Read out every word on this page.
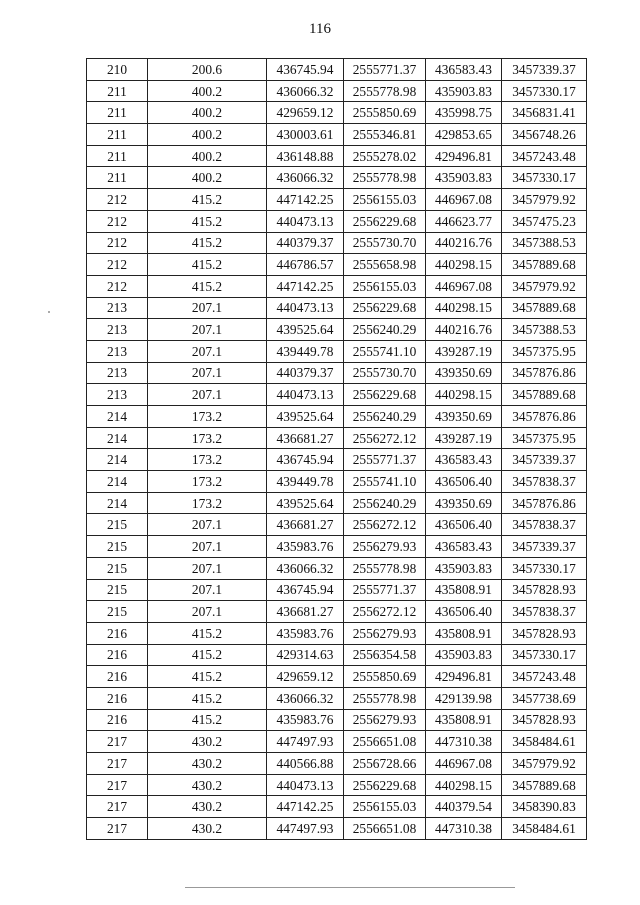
116
210	200.6	436745.94	2555771.37	436583.43	3457339.37
211	400.2	436066.32	2555778.98	435903.83	3457330.17
211	400.2	429659.12	2555850.69	435998.75	3456831.41
211	400.2	430003.61	2555346.81	429853.65	3456748.26
211	400.2	436148.88	2555278.02	429496.81	3457243.48
211	400.2	436066.32	2555778.98	435903.83	3457330.17
212	415.2	447142.25	2556155.03	446967.08	3457979.92
212	415.2	440473.13	2556229.68	446623.77	3457475.23
212	415.2	440379.37	2555730.70	440216.76	3457388.53
212	415.2	446786.57	2555658.98	440298.15	3457889.68
212	415.2	447142.25	2556155.03	446967.08	3457979.92
213	207.1	440473.13	2556229.68	440298.15	3457889.68
213	207.1	439525.64	2556240.29	440216.76	3457388.53
213	207.1	439449.78	2555741.10	439287.19	3457375.95
213	207.1	440379.37	2555730.70	439350.69	3457876.86
213	207.1	440473.13	2556229.68	440298.15	3457889.68
214	173.2	439525.64	2556240.29	439350.69	3457876.86
214	173.2	436681.27	2556272.12	439287.19	3457375.95
214	173.2	436745.94	2555771.37	436583.43	3457339.37
214	173.2	439449.78	2555741.10	436506.40	3457838.37
214	173.2	439525.64	2556240.29	439350.69	3457876.86
215	207.1	436681.27	2556272.12	436506.40	3457838.37
215	207.1	435983.76	2556279.93	436583.43	3457339.37
215	207.1	436066.32	2555778.98	435903.83	3457330.17
215	207.1	436745.94	2555771.37	435808.91	3457828.93
215	207.1	436681.27	2556272.12	436506.40	3457838.37
216	415.2	435983.76	2556279.93	435808.91	3457828.93
216	415.2	429314.63	2556354.58	435903.83	3457330.17
216	415.2	429659.12	2555850.69	429496.81	3457243.48
216	415.2	436066.32	2555778.98	429139.98	3457738.69
216	415.2	435983.76	2556279.93	435808.91	3457828.93
217	430.2	447497.93	2556651.08	447310.38	3458484.61
217	430.2	440566.88	2556728.66	446967.08	3457979.92
217	430.2	440473.13	2556229.68	440298.15	3457889.68
217	430.2	447142.25	2556155.03	440379.54	3458390.83
217	430.2	447497.93	2556651.08	447310.38	3458484.61
